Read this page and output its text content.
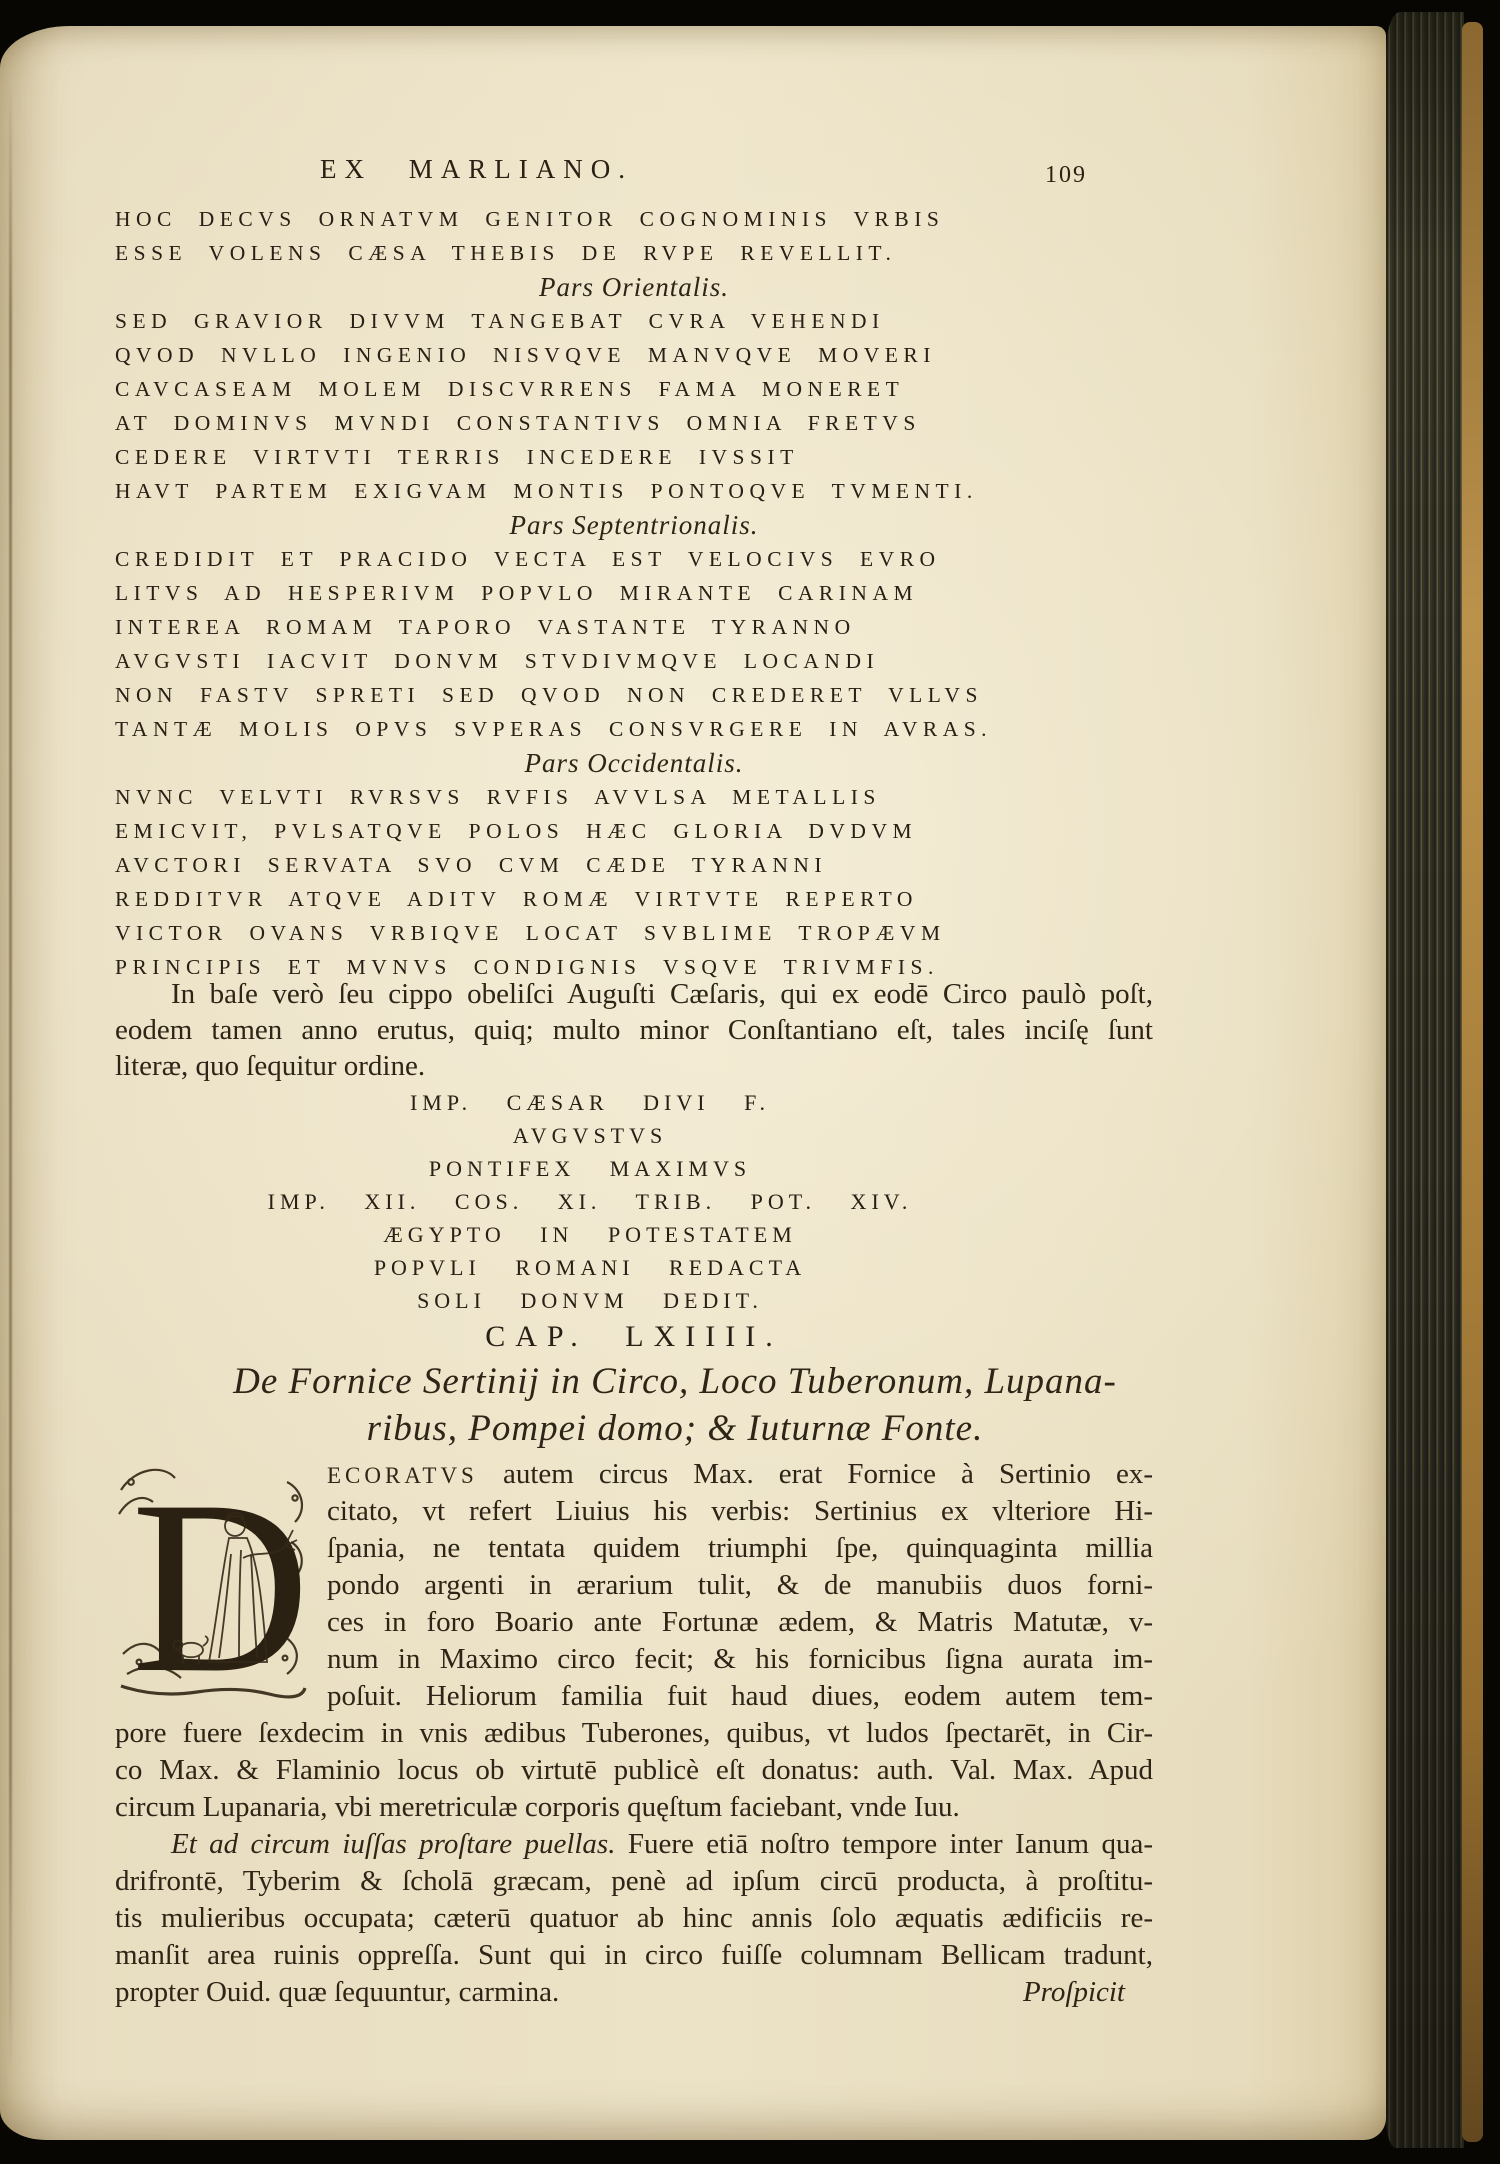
EX MARLIANO.	109
HOC DECVS ORNATVM GENITOR COGNOMINIS VRBIS
ESSE VOLENS CÆSA THEBIS DE RVPE REVELLIT.
Pars Orientalis.
SED GRAVIOR DIVVM TANGEBAT CVRA VEHENDI
QVOD NVLLO INGENIO NISVQVE MANVQVE MOVERI
CAVCASEAM MOLEM DISCVRRENS FAMA MONERET
AT DOMINVS MVNDI CONSTANTIVS OMNIA FRETVS
CEDERE VIRTVTI TERRIS INCEDERE IVSSIT
HAVT PARTEM EXIGVAM MONTIS PONTOQVE TVMENTI.
Pars Septentrionalis.
CREDIDIT ET PRACIDO VECTA EST VELOCIVS EVRO
LITVS AD HESPERIVM POPVLO MIRANTE CARINAM
INTEREA ROMAM TAPORO VASTANTE TYRANNO
AVGVSTI IACVIT DONVM STVDIVMQVE LOCANDI
NON FASTV SPRETI SED QVOD NON CREDERET VLLVS
TANTÆ MOLIS OPVS SVPERAS CONSVRGERE IN AVRAS.
Pars Occidentalis.
NVNC VELVTI RVRSVS RVFIS AVVLSA METALLIS
EMICVIT, PVLSATQVE POLOS HÆC GLORIA DVDVM
AVCTORI SERVATA SVO CVM CÆDE TYRANNI
REDDITVR ATQVE ADITV ROMÆ VIRTVTE REPERTO
VICTOR OVANS VRBIQVE LOCAT SVBLIME TROPÆVM
PRINCIPIS ET MVNVS CONDIGNIS VSQVE TRIVMFIS.
In baſe verò ſeu cippo obeliſci Auguſti Cæſaris, qui ex eodē Circo paulò poſt,
eodem tamen anno erutus, quiq; multo minor Conſtantiano eſt, tales inciſę ſunt
literæ, quo ſequitur ordine.
IMP. CÆSAR DIVI F.
AVGVSTVS
PONTIFEX MAXIMVS
IMP. XII. COS. XI. TRIB. POT. XIV.
ÆGYPTO IN POTESTATEM
POPVLI ROMANI REDACTA
SOLI DONVM DEDIT.
CAP. LXIIII.
De Fornice Sertinij in Circo, Loco Tuberonum, Lupana-
ribus, Pompei domo; & Iuturnæ Fonte.
D ECORATVS autem circus Max. erat Fornice à Sertinio ex-
citato, vt refert Liuius his verbis: Sertinius ex vlteriore Hi-
ſpania, ne tentata quidem triumphi ſpe, quinquaginta millia
pondo argenti in ærarium tulit, & de manubiis duos forni-
ces in foro Boario ante Fortunæ ædem, & Matris Matutæ, v-
num in Maximo circo fecit; & his fornicibus ſigna aurata im-
poſuit. Heliorum familia fuit haud diues, eodem autem tem-
pore fuere ſexdecim in vnis ædibus Tuberones, quibus, vt ludos ſpectarēt, in Cir-
co Max. & Flaminio locus ob virtutē publicè eſt donatus: auth. Val. Max. Apud
circum Lupanaria, vbi meretriculæ corporis quęſtum faciebant, vnde Iuu.
Et ad circum iuſſas proſtare puellas. Fuere etiā noſtro tempore inter Ianum qua-
drifrontē, Tyberim & ſcholā græcam, penè ad ipſum circū producta, à proſtitu-
tis mulieribus occupata; cæterū quatuor ab hinc annis ſolo æquatis ædificiis re-
manſit area ruinis oppreſſa. Sunt qui in circo fuiſſe columnam Bellicam tradunt,
propter Ouid. quæ ſequuntur, carmina.	Proſpicit
